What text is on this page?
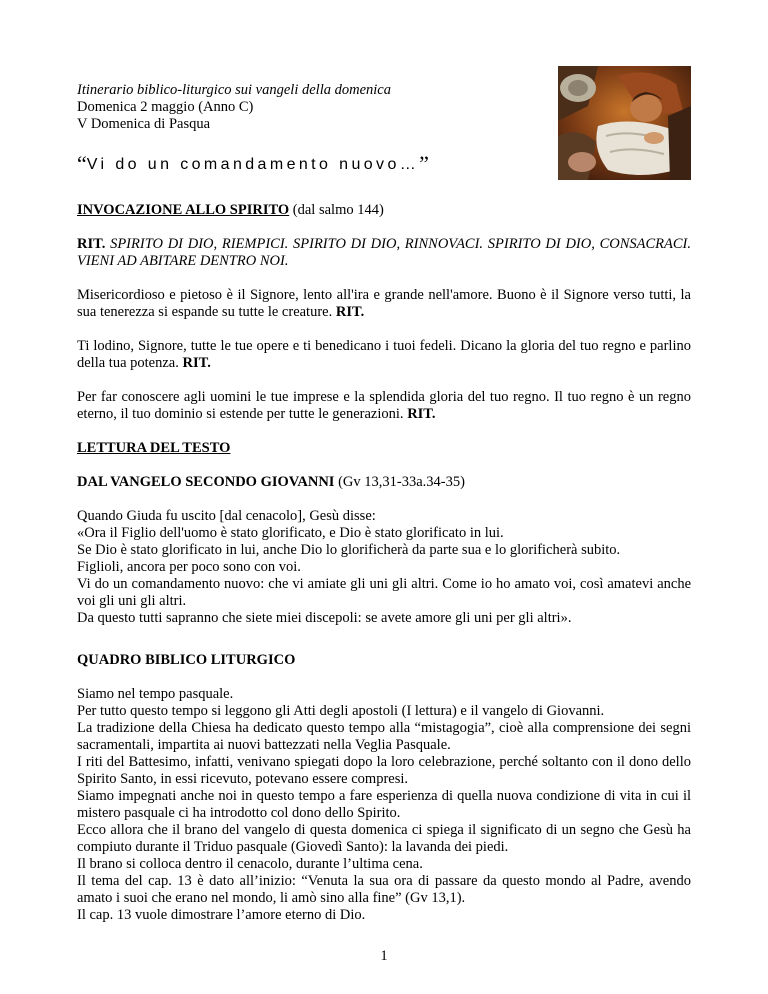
Itinerario biblico-liturgico sui vangeli della domenica
Domenica 2 maggio (Anno C)
V Domenica di Pasqua
“Vi do un comandamento nuovo…”

INVOCAZIONE ALLO SPIRITO (dal salmo 144)

RIT. SPIRITO DI DIO, RIEMPICI. SPIRITO DI DIO, RINNOVACI. SPIRITO DI DIO, CONSACRACI. VIENI AD ABITARE DENTRO NOI.

Misericordioso e pietoso è il Signore, lento all'ira e grande nell'amore. Buono è il Signore verso tutti, la sua tenerezza si espande su tutte le creature. RIT.

Ti lodino, Signore, tutte le tue opere e ti benedicano i tuoi fedeli. Dicano la gloria del tuo regno e parlino della tua potenza. RIT.

Per far conoscere agli uomini le tue imprese e la splendida gloria del tuo regno. Il tuo regno è un regno eterno, il tuo dominio si estende per tutte le generazioni. RIT.

LETTURA DEL TESTO

DAL VANGELO SECONDO GIOVANNI (Gv 13,31-33a.34-35)

Quando Giuda fu uscito [dal cenacolo], Gesù disse:

«Ora il Figlio dell'uomo è stato glorificato, e Dio è stato glorificato in lui.

Se Dio è stato glorificato in lui, anche Dio lo glorificherà da parte sua e lo glorificherà subito.

Figlioli, ancora per poco sono con voi.

Vi do un comandamento nuovo: che vi amiate gli uni gli altri. Come io ho amato voi, così amatevi anche voi gli uni gli altri.

Da questo tutti sapranno che siete miei discepoli: se avete amore gli uni per gli altri».

QUADRO BIBLICO LITURGICO

Siamo nel tempo pasquale.

Per tutto questo tempo si leggono gli Atti degli apostoli (I lettura) e il vangelo di Giovanni.

La tradizione della Chiesa ha dedicato questo tempo alla “mistagogia”, cioè alla comprensione dei segni sacramentali, impartita ai nuovi battezzati nella Veglia Pasquale.

I riti del Battesimo, infatti, venivano spiegati dopo la loro celebrazione, perché soltanto con il dono dello Spirito Santo, in essi ricevuto, potevano essere compresi.

Siamo impegnati anche noi in questo tempo a fare esperienza di quella nuova condizione di vita in cui il mistero pasquale ci ha introdotto col dono dello Spirito.

Ecco allora che il brano del vangelo di questa domenica ci spiega il significato di un segno che Gesù ha compiuto durante il Triduo pasquale (Giovedì Santo): la lavanda dei piedi.

Il brano si colloca dentro il cenacolo, durante l’ultima cena.

Il tema del cap. 13 è dato all’inizio: “Venuta la sua ora di passare da questo mondo al Padre, avendo amato i suoi che erano nel mondo, li amò sino alla fine” (Gv 13,1).

Il cap. 13 vuole dimostrare l’amore eterno di Dio.

1
